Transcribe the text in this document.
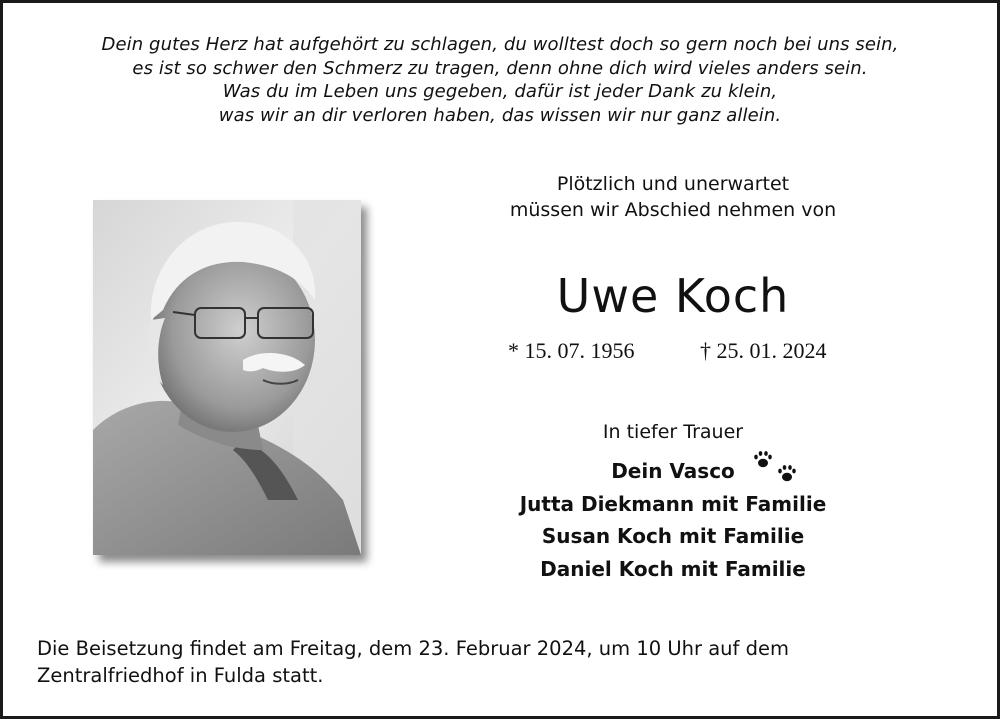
Dein gutes Herz hat aufgehört zu schlagen, du wolltest doch so gern noch bei uns sein,
es ist so schwer den Schmerz zu tragen, denn ohne dich wird vieles anders sein.
Was du im Leben uns gegeben, dafür ist jeder Dank zu klein,
was wir an dir verloren haben, das wissen wir nur ganz allein.
Plötzlich und unerwartet
müssen wir Abschied nehmen von
Uwe Koch
* 15. 07. 1956	† 25. 01. 2024
In tiefer Trauer
Dein Vasco
Jutta Diekmann mit Familie
Susan Koch mit Familie
Daniel Koch mit Familie
Die Beisetzung findet am Freitag, dem 23. Februar 2024, um 10 Uhr auf dem
Zentralfriedhof in Fulda statt.
